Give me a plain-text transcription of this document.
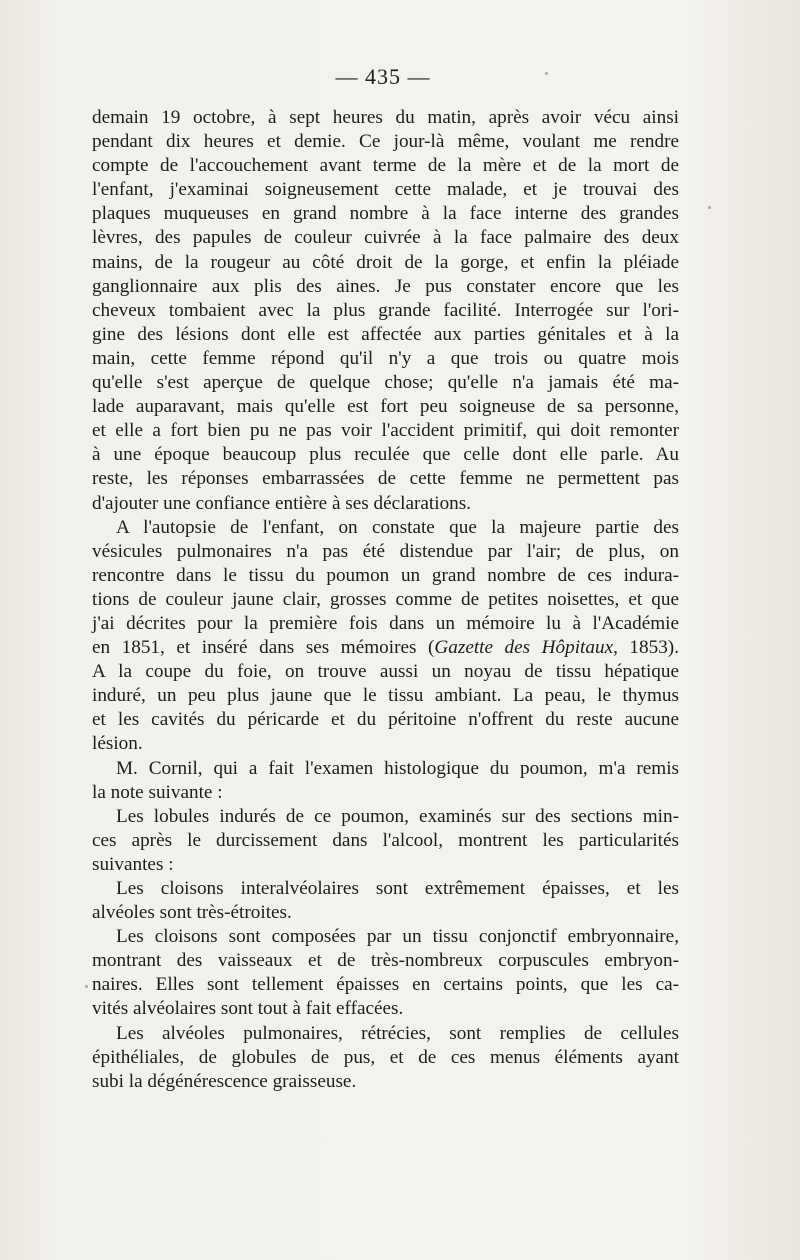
— 435 —

demain 19 octobre, à sept heures du matin, après avoir vécu ainsi
pendant dix heures et demie. Ce jour-là même, voulant me rendre
compte de l'accouchement avant terme de la mère et de la mort de
l'enfant, j'examinai soigneusement cette malade, et je trouvai des
plaques muqueuses en grand nombre à la face interne des grandes
lèvres, des papules de couleur cuivrée à la face palmaire des deux
mains, de la rougeur au côté droit de la gorge, et enfin la pléiade
ganglionnaire aux plis des aines. Je pus constater encore que les
cheveux tombaient avec la plus grande facilité. Interrogée sur l'ori-
gine des lésions dont elle est affectée aux parties génitales et à la
main, cette femme répond qu'il n'y a que trois ou quatre mois
qu'elle s'est aperçue de quelque chose; qu'elle n'a jamais été ma-
lade auparavant, mais qu'elle est fort peu soigneuse de sa personne,
et elle a fort bien pu ne pas voir l'accident primitif, qui doit remonter
à une époque beaucoup plus reculée que celle dont elle parle. Au
reste, les réponses embarrassées de cette femme ne permettent pas
d'ajouter une confiance entière à ses déclarations.

A l'autopsie de l'enfant, on constate que la majeure partie des
vésicules pulmonaires n'a pas été distendue par l'air; de plus, on
rencontre dans le tissu du poumon un grand nombre de ces indura-
tions de couleur jaune clair, grosses comme de petites noisettes, et que
j'ai décrites pour la première fois dans un mémoire lu à l'Académie
en 1851, et inséré dans ses mémoires (Gazette des Hôpitaux, 1853).
A la coupe du foie, on trouve aussi un noyau de tissu hépatique
induré, un peu plus jaune que le tissu ambiant. La peau, le thymus
et les cavités du péricarde et du péritoine n'offrent du reste aucune
lésion.

M. Cornil, qui a fait l'examen histologique du poumon, m'a remis
la note suivante :

Les lobules indurés de ce poumon, examinés sur des sections min-
ces après le durcissement dans l'alcool, montrent les particularités
suivantes :

Les cloisons interalvéolaires sont extrêmement épaisses, et les
alvéoles sont très-étroites.

Les cloisons sont composées par un tissu conjonctif embryonnaire,
montrant des vaisseaux et de très-nombreux corpuscules embryon-
naires. Elles sont tellement épaisses en certains points, que les ca-
vités alvéolaires sont tout à fait effacées.

Les alvéoles pulmonaires, rétrécies, sont remplies de cellules
épithéliales, de globules de pus, et de ces menus éléments ayant
subi la dégénérescence graisseuse.
